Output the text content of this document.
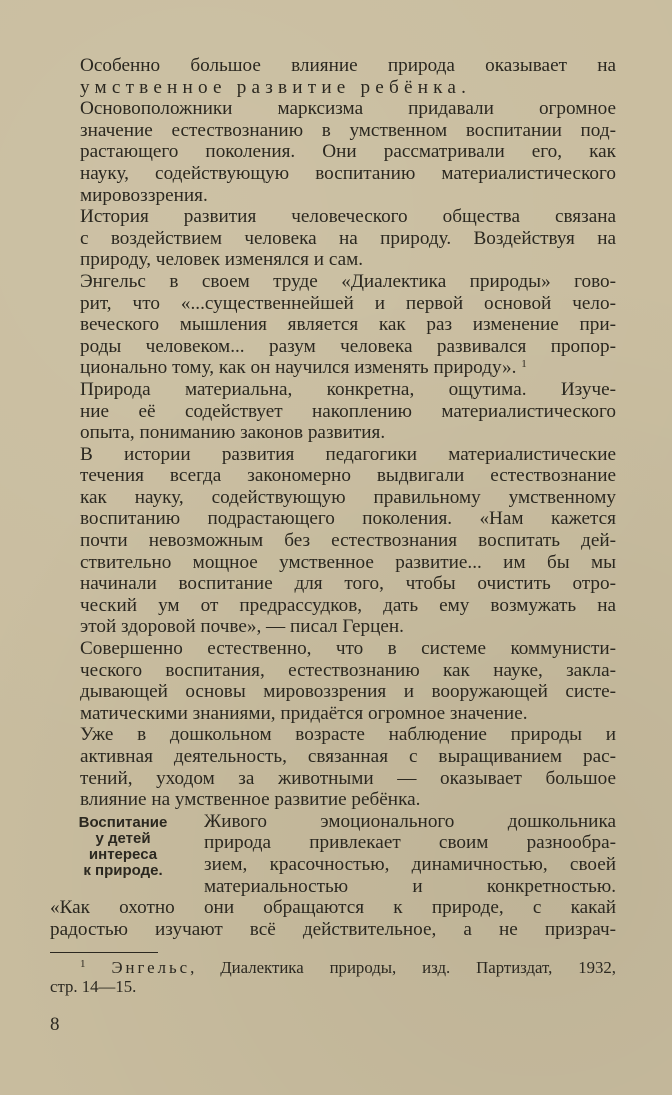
Особенно большое влияние природа оказывает на
умственное развитие ребёнка.
Основоположники марксизма придавали огромное
значение естествознанию в умственном воспитании под-
растающего поколения. Они рассматривали его, как
науку, содействующую воспитанию материалистического
мировоззрения.
История развития человеческого общества связана
с воздействием человека на природу. Воздействуя на
природу, человек изменялся и сам.
Энгельс в своем труде «Диалектика природы» гово-
рит, что «...существеннейшей и первой основой чело-
веческого мышления является как раз изменение при-
роды человеком... разум человека развивался пропор-
ционально тому, как он научился изменять природу». $^1$
Природа материальна, конкретна, ощутима. Изуче-
ние её содействует накоплению материалистического
опыта, пониманию законов развития.
В истории развития педагогики материалистические
течения всегда закономерно выдвигали естествознание
как науку, содействующую правильному умственному
воспитанию подрастающего поколения. «Нам кажется
почти невозможным без естествознания воспитать дей-
ствительно мощное умственное развитие... им бы мы
начинали воспитание для того, чтобы очистить отро-
ческий ум от предрассудков, дать ему возмужать на
этой здоровой почве», — писал Герцен.
Совершенно естественно, что в системе коммунисти-
ческого воспитания, естествознанию как науке, закла-
дывающей основы мировоззрения и вооружающей систе-
матическими знаниями, придаётся огромное значение.
Уже в дошкольном возрасте наблюдение природы и
активная деятельность, связанная с выращиванием рас-
тений, уходом за животными — оказывает большое
влияние на умственное развитие ребёнка.
Воспитание
у детей
интереса
к природе.
Живого эмоционального дошкольника
природа привлекает своим разнообра-
зием, красочностью, динамичностью, своей
материальностью и конкретностью.
«Как охотно они обращаются к природе, с какай
радостью изучают всё действительное, а не призрач-
$^1$ Энгельс, Диалектика природы, изд. Партиздат, 1932,
стр. 14—15.
8
